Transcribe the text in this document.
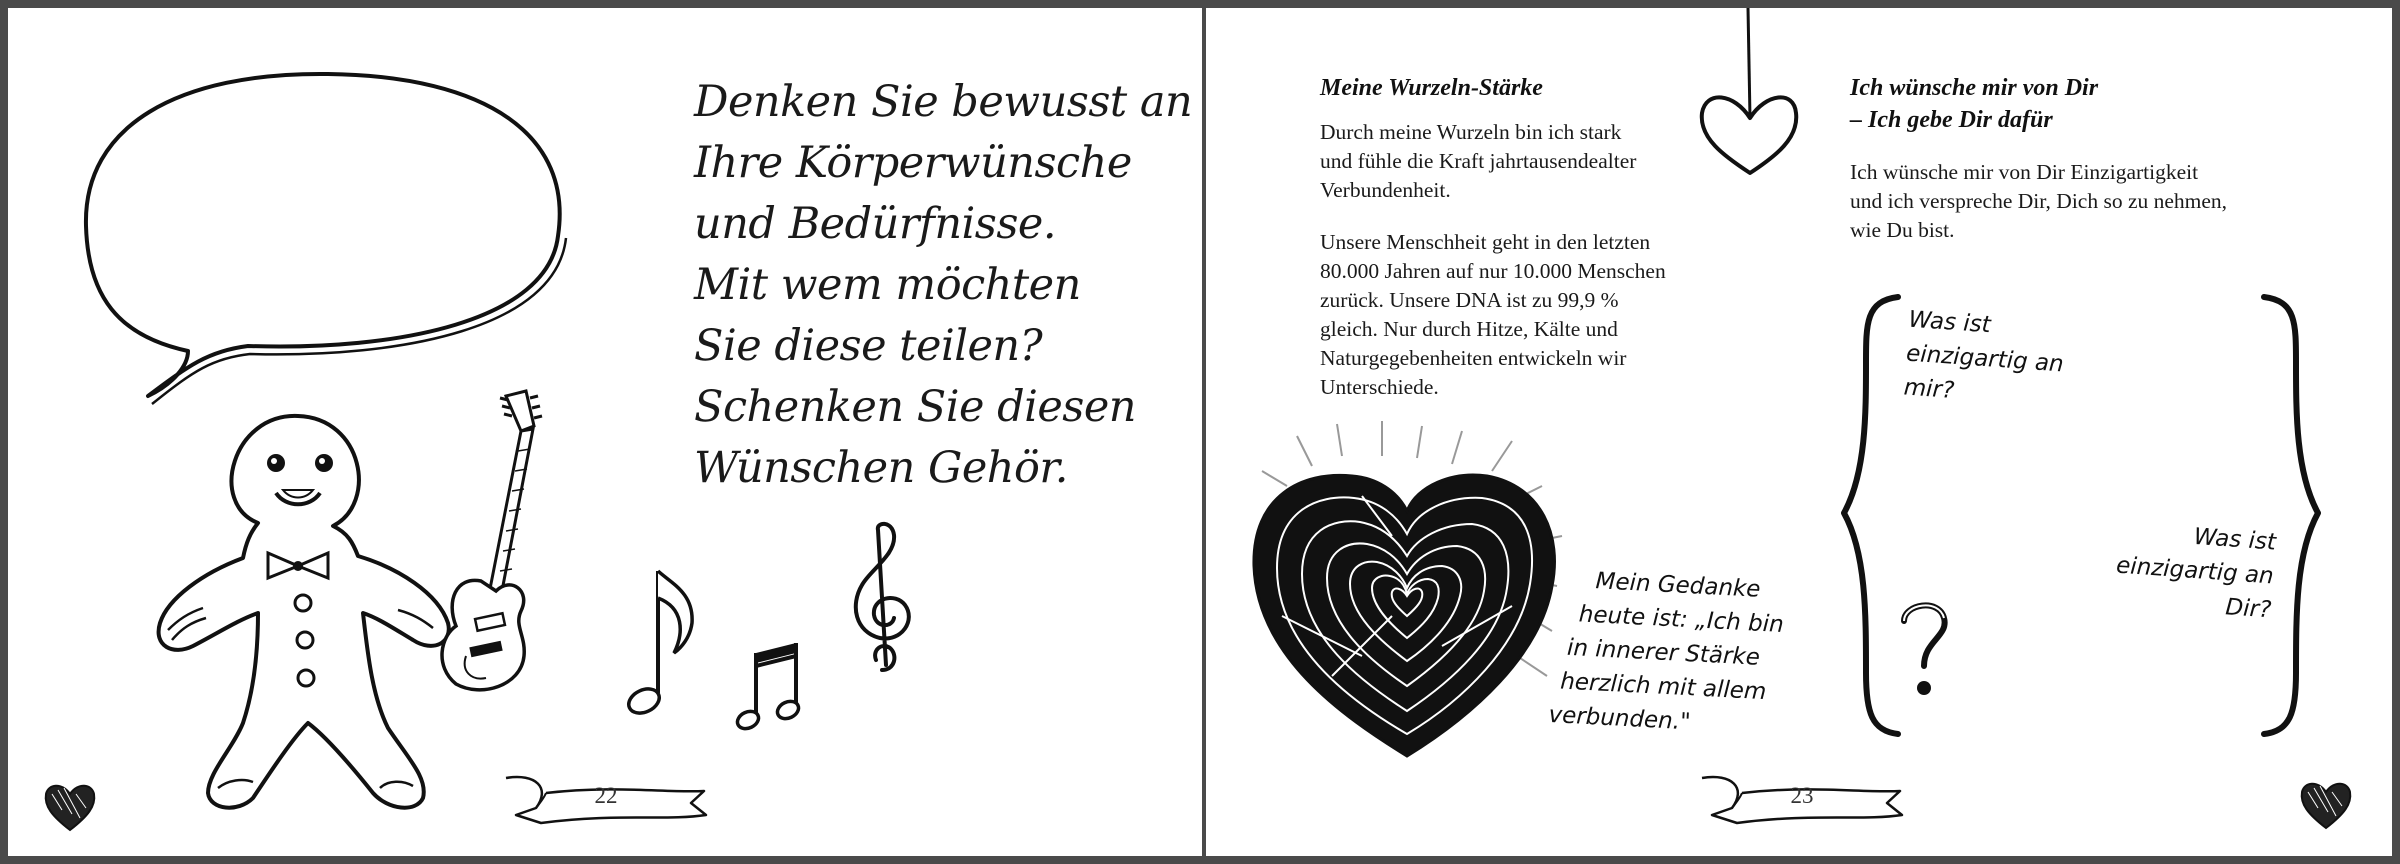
Denken Sie bewusst an
Ihre Körperwünsche
und Bedürfnisse.
Mit wem möchten
Sie diese teilen?
Schenken Sie diesen
Wünschen Gehör.
22
Meine Wurzeln-Stärke
Durch meine Wurzeln bin ich stark
und fühle die Kraft jahrtausendealter
Verbundenheit.
Unsere Menschheit geht in den letzten
80.000 Jahren auf nur 10.000 Menschen
zurück. Unsere DNA ist zu 99,9 %
gleich. Nur durch Hitze, Kälte und
Naturgegebenheiten entwickeln wir
Unterschiede.
Ich wünsche mir von Dir
– Ich gebe Dir dafür
Ich wünsche mir von Dir Einzigartigkeit
und ich verspreche Dir, Dich so zu nehmen,
wie Du bist.
Mein Gedanke
heute ist: „Ich bin
in innerer Stärke
herzlich mit allem
verbunden."
Was ist
einzigartig an
mir?
Was ist
einzigartig an
Dir?
23
